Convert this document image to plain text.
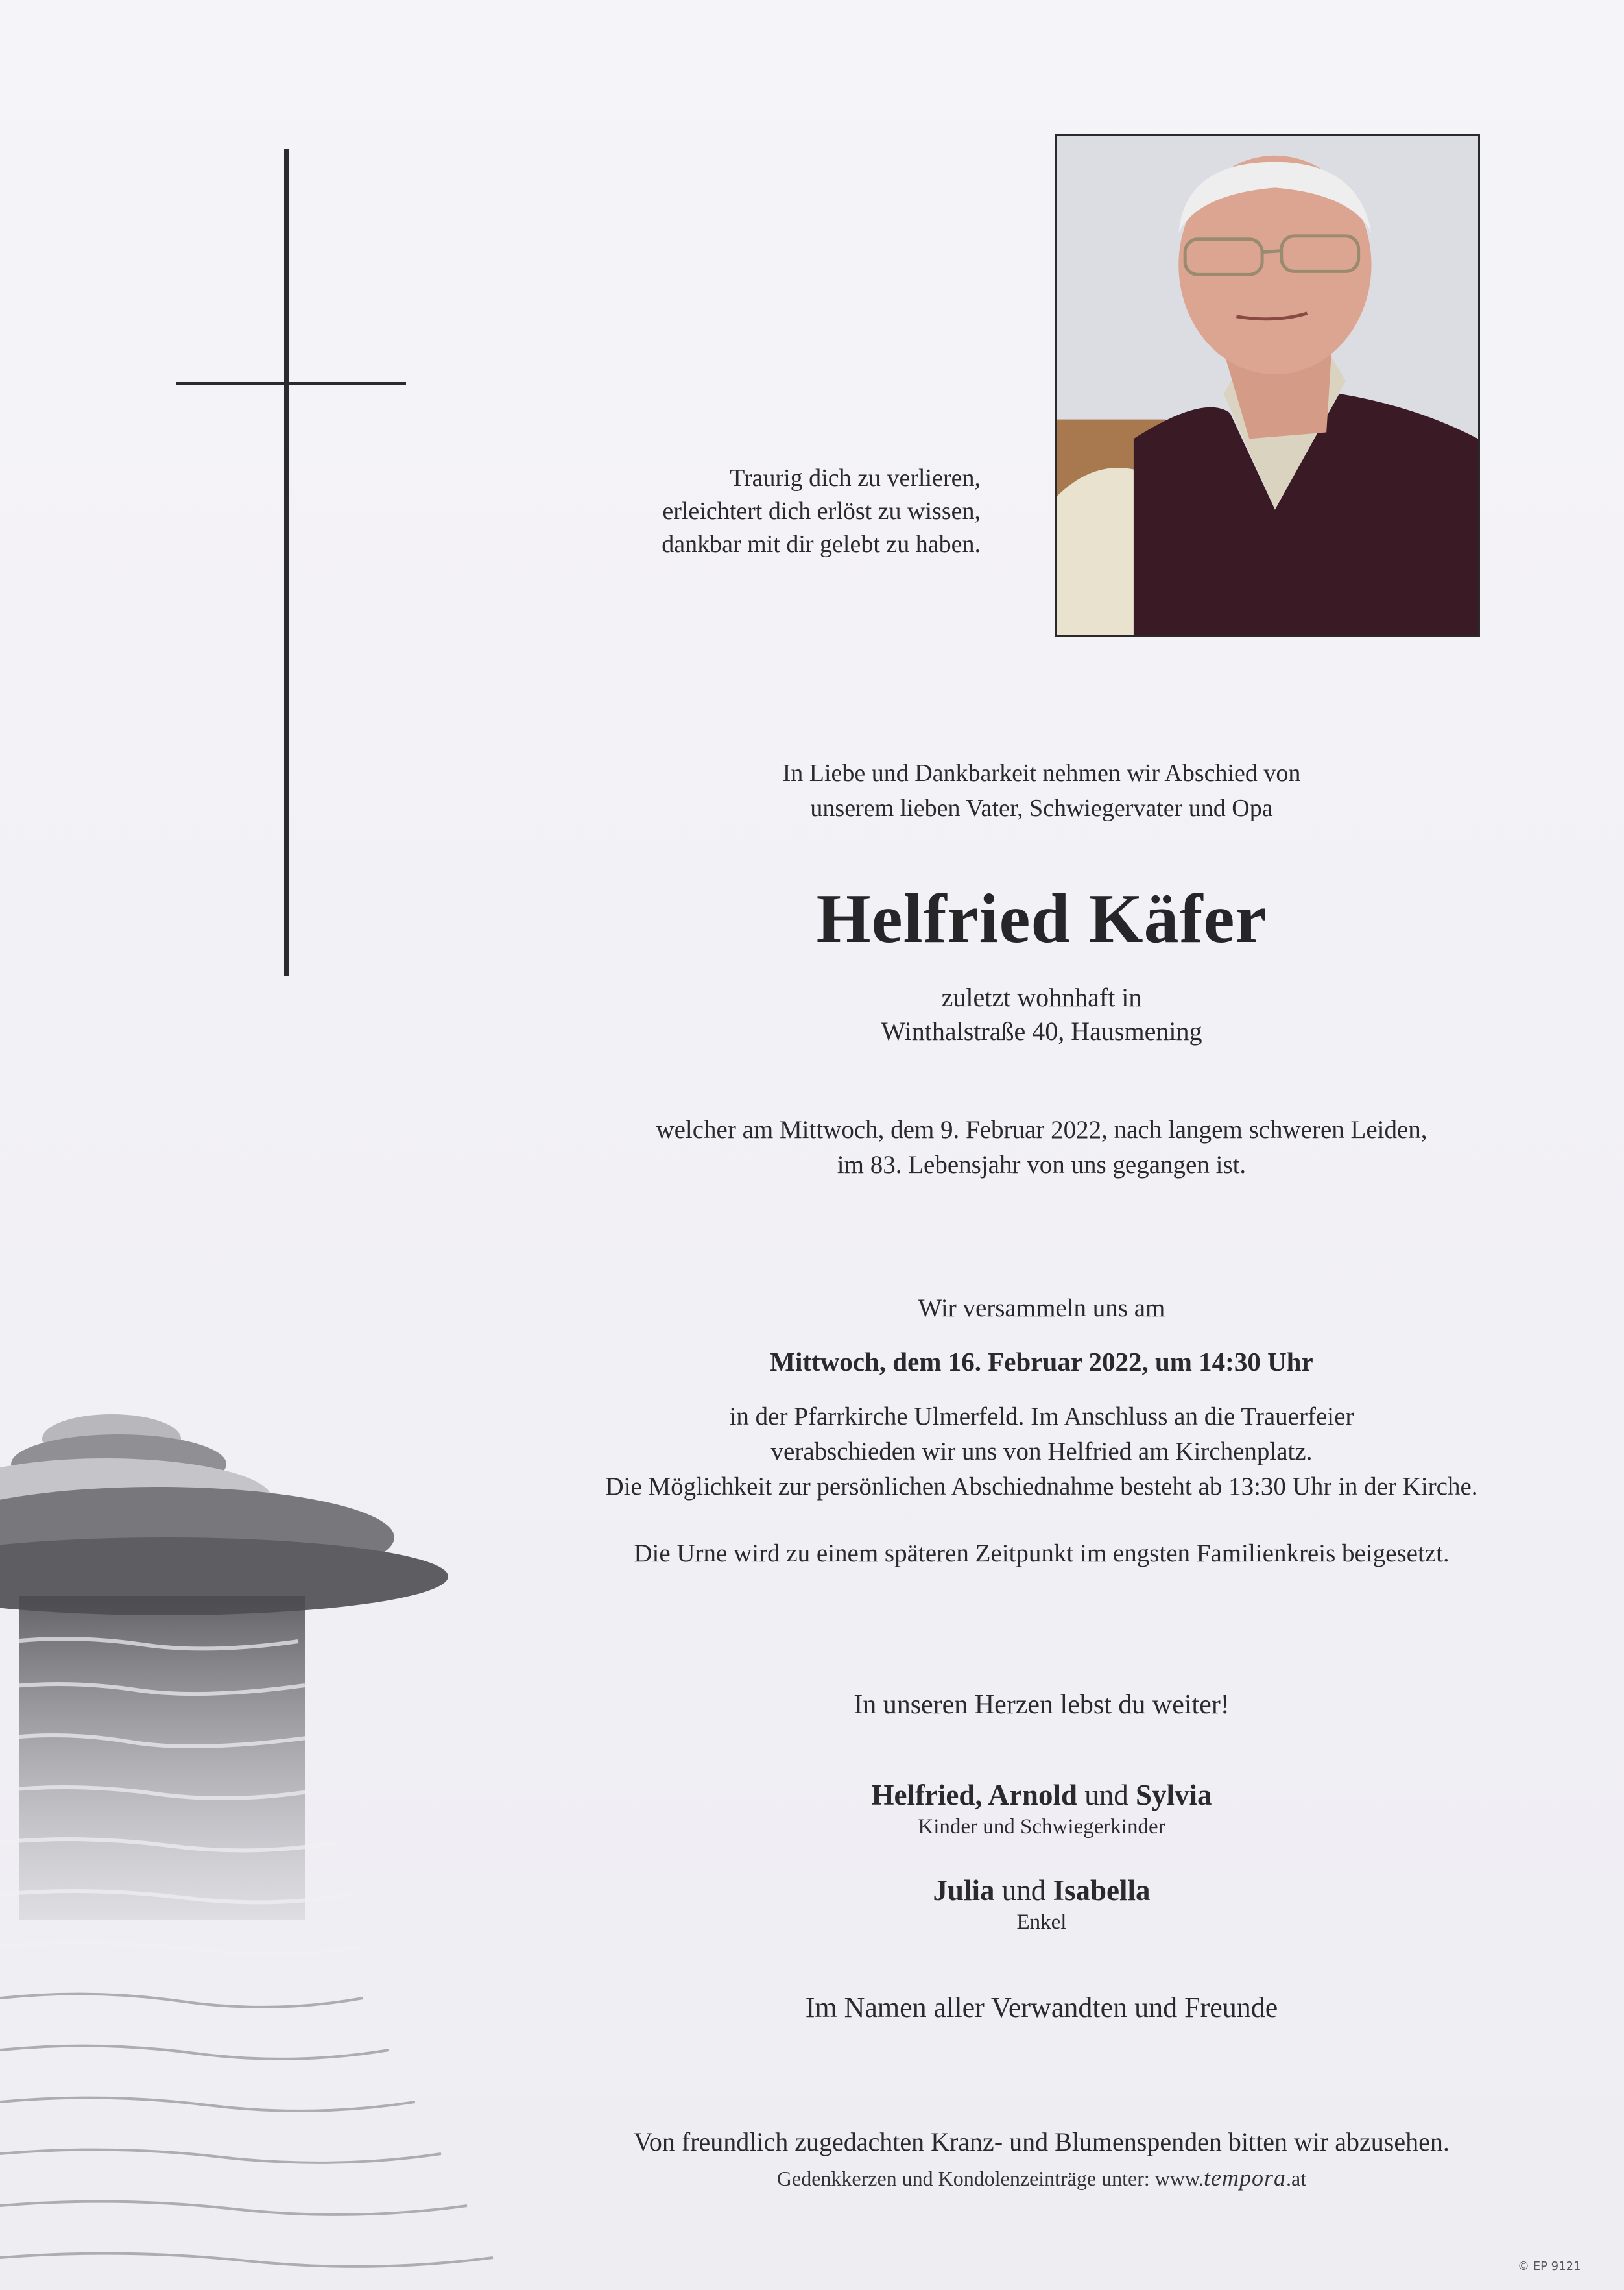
Traurig dich zu verlieren,
erleichtert dich erlöst zu wissen,
dankbar mit dir gelebt zu haben.
In Liebe und Dankbarkeit nehmen wir Abschied von
unserem lieben Vater, Schwiegervater und Opa
Helfried Käfer
zuletzt wohnhaft in
Winthalstraße 40, Hausmening
welcher am Mittwoch, dem 9. Februar 2022, nach langem schweren Leiden,
im 83. Lebensjahr von uns gegangen ist.
Wir versammeln uns am
Mittwoch, dem 16. Februar 2022, um 14:30 Uhr
in der Pfarrkirche Ulmerfeld. Im Anschluss an die Trauerfeier
verabschieden wir uns von Helfried am Kirchenplatz.
Die Möglichkeit zur persönlichen Abschiednahme besteht ab 13:30 Uhr in der Kirche.
Die Urne wird zu einem späteren Zeitpunkt im engsten Familienkreis beigesetzt.
In unseren Herzen lebst du weiter!
Helfried, Arnold und Sylvia
Kinder und Schwiegerkinder
Julia und Isabella
Enkel
Im Namen aller Verwandten und Freunde
Von freundlich zugedachten Kranz- und Blumenspenden bitten wir abzusehen.
Gedenkkerzen und Kondolenzeinträge unter: www.tempora.at
© EP 9121
